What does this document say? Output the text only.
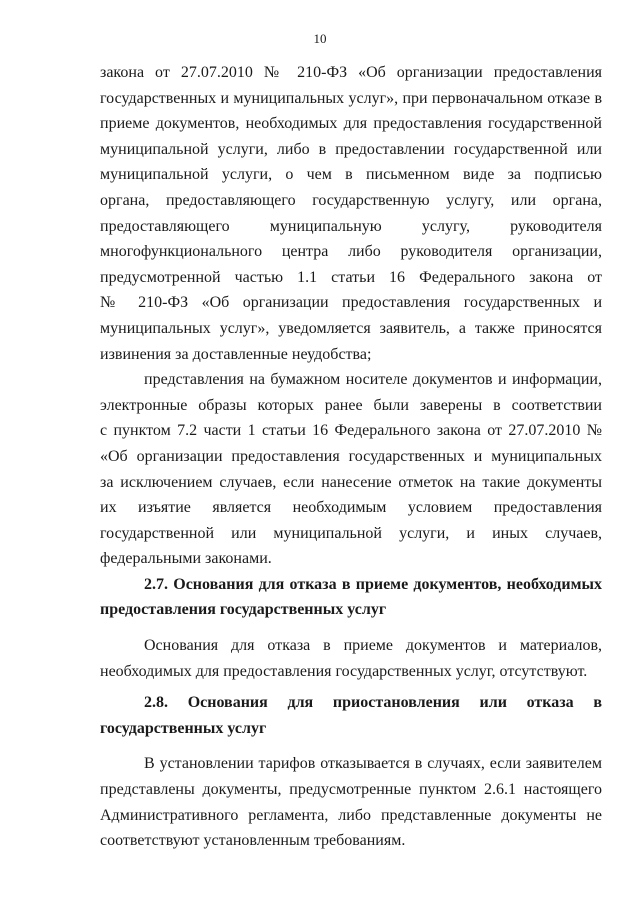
10
закона от 27.07.2010 № 210-ФЗ «Об организации предоставления
государственных и муниципальных услуг», при первоначальном отказе в
приеме документов, необходимых для предоставления государственной
муниципальной услуги, либо в предоставлении государственной или
муниципальной услуги, о чем в письменном виде за подписью
органа, предоставляющего государственную услугу, или органа,
предоставляющего муниципальную услугу, руководителя
многофункционального центра либо руководителя организации,
предусмотренной частью 1.1 статьи 16 Федерального закона от
№ 210-ФЗ «Об организации предоставления государственных и
муниципальных услуг», уведомляется заявитель, а также приносятся
извинения за доставленные неудобства;
представления на бумажном носителе документов и информации,
электронные образы которых ранее были заверены в соответствии
с пунктом 7.2 части 1 статьи 16 Федерального закона от 27.07.2010 №
«Об организации предоставления государственных и муниципальных
за исключением случаев, если нанесение отметок на такие документы
их изъятие является необходимым условием предоставления
государственной или муниципальной услуги, и иных случаев,
федеральными законами.
2.7. Основания для отказа в приеме документов, необходимых
предоставления государственных услуг
Основания для отказа в приеме документов и материалов,
необходимых для предоставления государственных услуг, отсутствуют.
2.8. Основания для приостановления или отказа в
государственных услуг
В установлении тарифов отказывается в случаях, если заявителем
представлены документы, предусмотренные пунктом 2.6.1 настоящего
Административного регламента, либо представленные документы не
соответствуют установленным требованиям.
